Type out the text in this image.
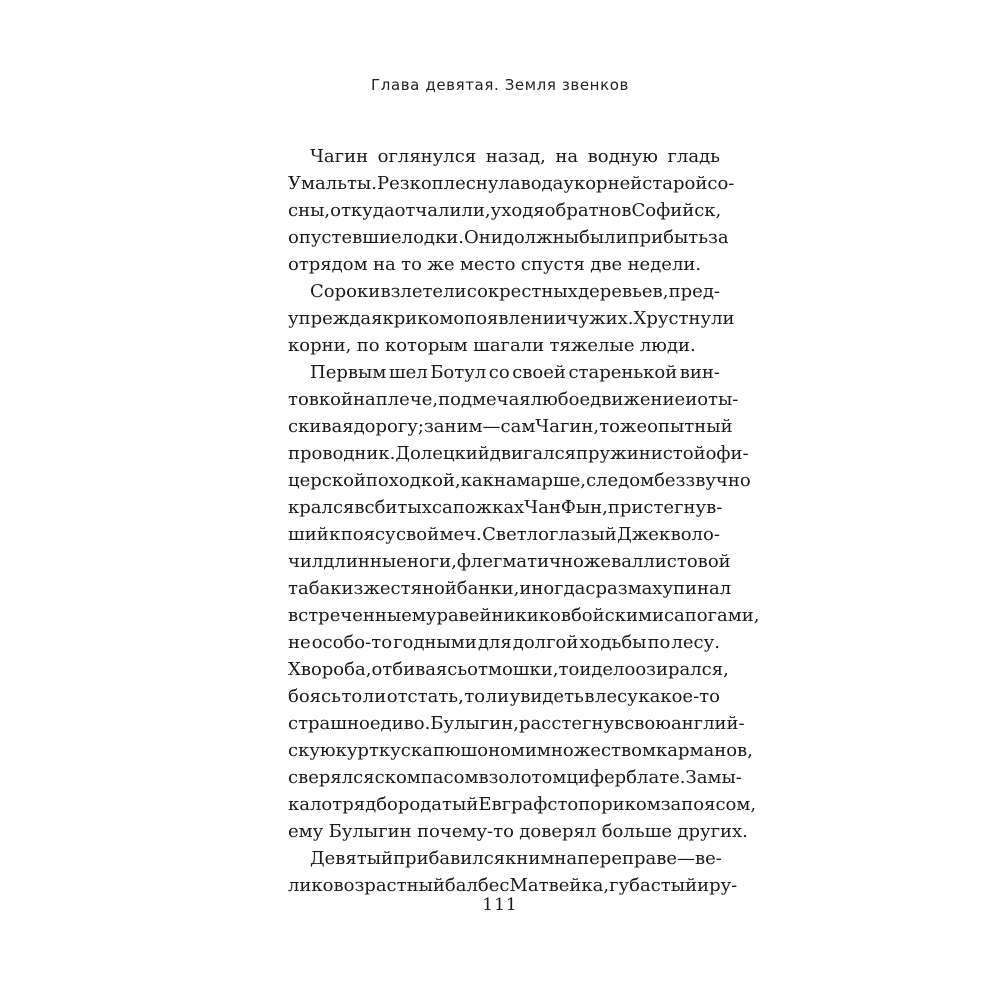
Глава девятая. Земля звенков
Чагин оглянулся назад, на водную гладь
Умальты. Резко плеснула вода у корней старой со-
сны, откуда отчалили, уходя обратно в Софийск,
опустевшие лодки. Они должны были прибыть за
отрядом на то же место спустя две недели.
Сороки взлетели с окрестных деревьев, пред-
упреждая криком о появлении чужих. Хрустнули
корни, по которым шагали тяжелые люди.
Первым шел Ботул со своей старенькой вин-
товкой на плече, подмечая любое движение и оты-
скивая дорогу; за ним — сам Чагин, тоже опытный
проводник. Долецкий двигался пружинистой офи-
церской походкой, как на марше, следом беззвучно
крался в сбитых сапожках Чан Фын, пристегнув-
ший к поясу свой меч. Светлоглазый Джек воло-
чил длинные ноги, флегматично жевал листовой
табак из жестяной банки, иногда с размаху пинал
встреченные муравейники ковбойскими сапогами,
не особо-то годными для долгой ходьбы по лесу.
Хвороба, отбиваясь от мошки, то и дело озирался,
боясь то ли отстать, то ли увидеть в лесу какое-то
страшное диво. Булыгин, расстегнув свою англий-
скую куртку с капюшоном и множеством карманов,
сверялся с компасом в золотом циферблате. Замы-
кал отряд бородатый Евграф с топориком за поясом,
ему Булыгин почему-то доверял больше других.
Девятый прибавился к ним на переправе — ве-
ликовозрастный балбес Матвейка, губастый и ру-
111
